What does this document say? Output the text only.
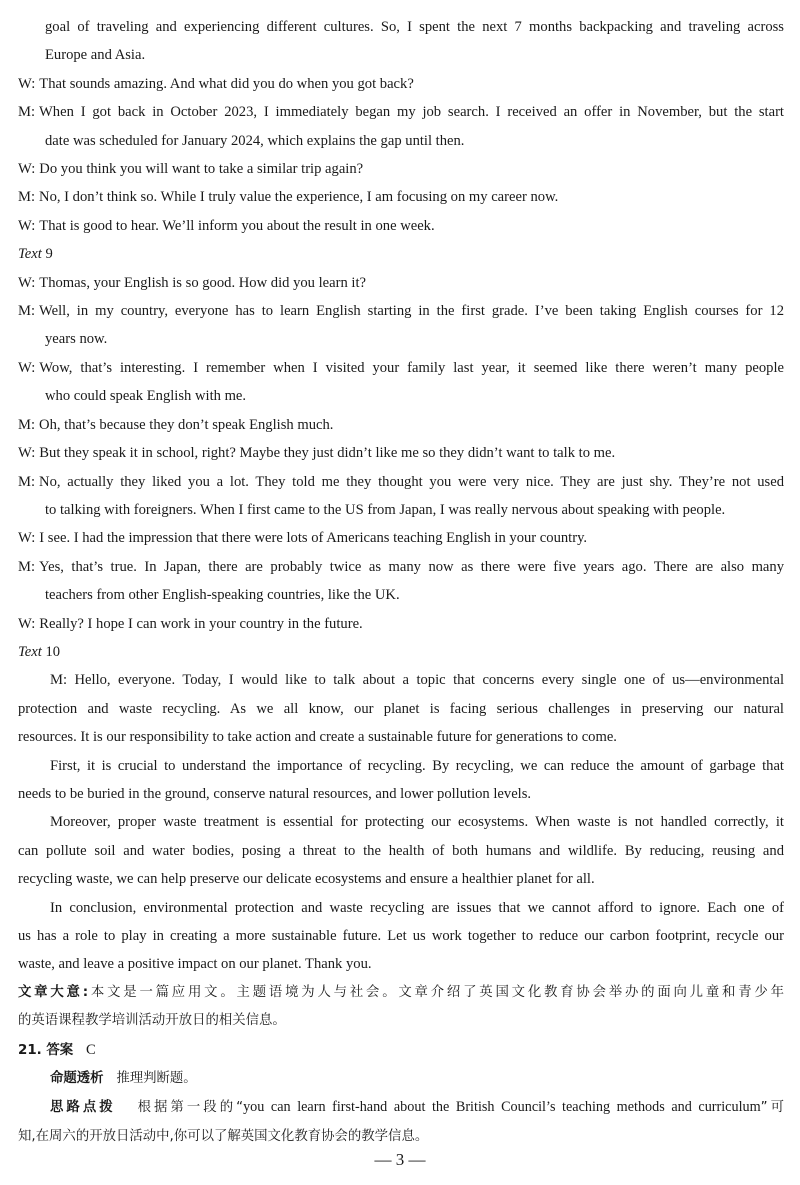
goal of traveling and experiencing different cultures. So, I spent the next 7 months backpacking and traveling across
Europe and Asia.
W: That sounds amazing. And what did you do when you got back?
M: When I got back in October 2023, I immediately began my job search. I received an offer in November, but the start
date was scheduled for January 2024, which explains the gap until then.
W: Do you think you will want to take a similar trip again?
M: No, I don’t think so. While I truly value the experience, I am focusing on my career now.
W: That is good to hear. We’ll inform you about the result in one week.
Text 9
W: Thomas, your English is so good. How did you learn it?
M: Well, in my country, everyone has to learn English starting in the first grade. I’ve been taking English courses for 12
years now.
W: Wow, that’s interesting. I remember when I visited your family last year, it seemed like there weren’t many people
who could speak English with me.
M: Oh, that’s because they don’t speak English much.
W: But they speak it in school, right? Maybe they just didn’t like me so they didn’t want to talk to me.
M: No, actually they liked you a lot. They told me they thought you were very nice. They are just shy. They’re not used
to talking with foreigners. When I first came to the US from Japan, I was really nervous about speaking with people.
W: I see. I had the impression that there were lots of Americans teaching English in your country.
M: Yes, that’s true. In Japan, there are probably twice as many now as there were five years ago. There are also many
teachers from other English-speaking countries, like the UK.
W: Really? I hope I can work in your country in the future.
Text 10
M: Hello, everyone. Today, I would like to talk about a topic that concerns every single one of us—environmental
protection and waste recycling. As we all know, our planet is facing serious challenges in preserving our natural
resources. It is our responsibility to take action and create a sustainable future for generations to come.
First, it is crucial to understand the importance of recycling. By recycling, we can reduce the amount of garbage that
needs to be buried in the ground, conserve natural resources, and lower pollution levels.
Moreover, proper waste treatment is essential for protecting our ecosystems. When waste is not handled correctly, it
can pollute soil and water bodies, posing a threat to the health of both humans and wildlife. By reducing, reusing and
recycling waste, we can help preserve our delicate ecosystems and ensure a healthier planet for all.
In conclusion, environmental protection and waste recycling are issues that we cannot afford to ignore. Each one of
us has a role to play in creating a more sustainable future. Let us work together to reduce our carbon footprint, recycle our
waste, and leave a positive impact on our planet. Thank you.
文章大意:本文是一篇应用文。主题语境为人与社会。文章介绍了英国文化教育协会举办的面向儿童和青少年
的英语课程教学培训活动开放日的相关信息。
21. 答案 C
命题透析 推理判断题。
思路点拨 根据第一段的“you can learn first-hand about the British Council’s teaching methods and curriculum”可
知,在周六的开放日活动中,你可以了解英国文化教育协会的教学信息。
— 3 —
